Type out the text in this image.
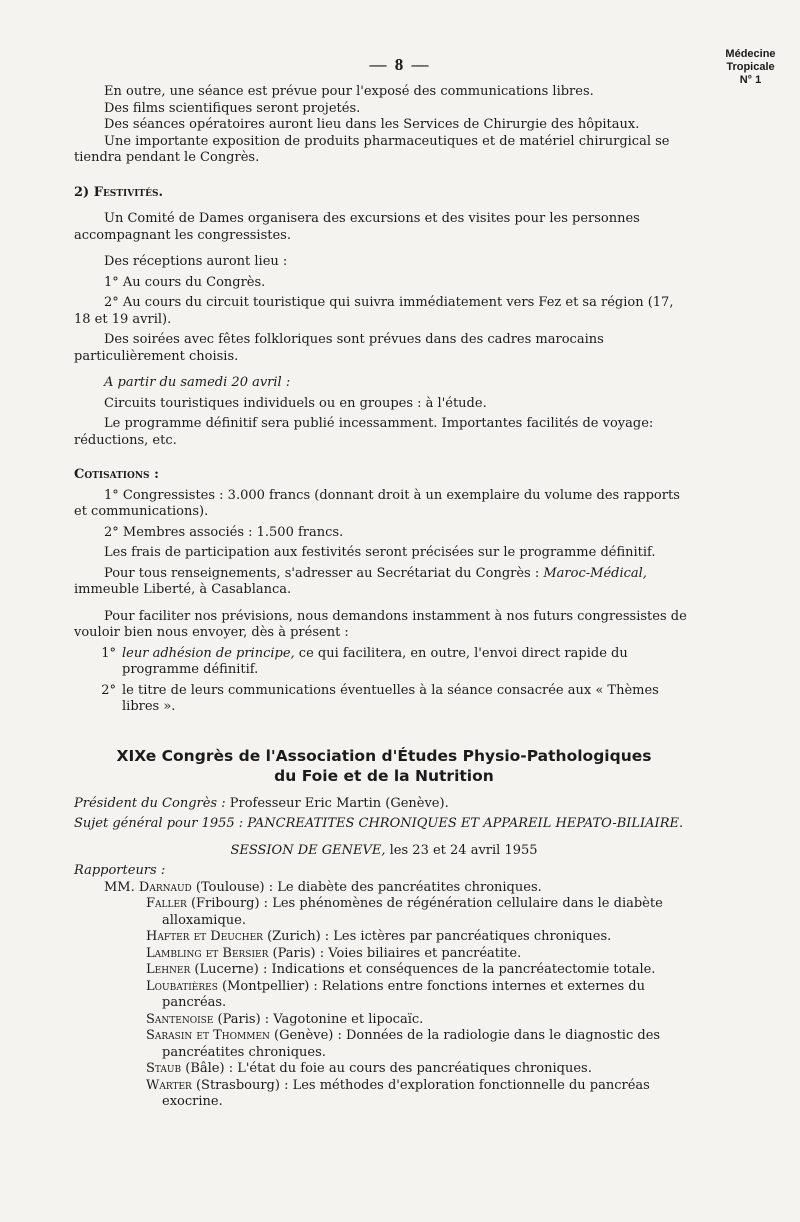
— 8 —
Médecine
Tropicale
N° 1

En outre, une séance est prévue pour l'exposé des communications libres.

Des films scientifiques seront projetés.

Des séances opératoires auront lieu dans les Services de Chirurgie des hôpitaux.

Une importante exposition de produits pharmaceutiques et de matériel chirurgical se tiendra pendant le Congrès.

2) Festivités.

Un Comité de Dames organisera des excursions et des visites pour les personnes accompagnant les congressistes.

Des réceptions auront lieu :

1° Au cours du Congrès.

2° Au cours du circuit touristique qui suivra immédiatement vers Fez et sa région (17, 18 et 19 avril).

Des soirées avec fêtes folkloriques sont prévues dans des cadres marocains particulièrement choisis.

A partir du samedi 20 avril :

Circuits touristiques individuels ou en groupes : à l'étude.

Le programme définitif sera publié incessamment. Importantes facilités de voyage: réductions, etc.

Cotisations :

1° Congressistes : 3.000 francs (donnant droit à un exemplaire du volume des rapports et communications).

2° Membres associés : 1.500 francs.

Les frais de participation aux festivités seront précisées sur le programme définitif.

Pour tous renseignements, s'adresser au Secrétariat du Congrès : Maroc-Médical, immeuble Liberté, à Casablanca.

Pour faciliter nos prévisions, nous demandons instamment à nos futurs congressistes de vouloir bien nous envoyer, dès à présent :

1° leur adhésion de principe, ce qui facilitera, en outre, l'envoi direct rapide du programme définitif.
2° le titre de leurs communications éventuelles à la séance consacrée aux « Thèmes libres ».
XIXe Congrès de l'Association d'Études Physio-Pathologiques
du Foie et de la Nutrition

Président du Congrès : Professeur Eric Martin (Genève).

Sujet général pour 1955 : PANCREATITES CHRONIQUES ET APPAREIL HEPATO-BILIAIRE.

SESSION DE GENEVE, les 23 et 24 avril 1955

Rapporteurs :

MM. Darnaud (Toulouse) : Le diabète des pancréatites chroniques.

Faller (Fribourg) : Les phénomènes de régénération cellulaire dans le diabète alloxamique.

Hafter et Deucher (Zurich) : Les ictères par pancréatiques chroniques.

Lambling et Bersier (Paris) : Voies biliaires et pancréatite.

Lehner (Lucerne) : Indications et conséquences de la pancréatectomie totale.

Loubatières (Montpellier) : Relations entre fonctions internes et externes du pancréas.

Santenoise (Paris) : Vagotonine et lipocaïc.

Sarasin et Thommen (Genève) : Données de la radiologie dans le diagnostic des pancréatites chroniques.

Staub (Bâle) : L'état du foie au cours des pancréatiques chroniques.

Warter (Strasbourg) : Les méthodes d'exploration fonctionnelle du pancréas exocrine.
